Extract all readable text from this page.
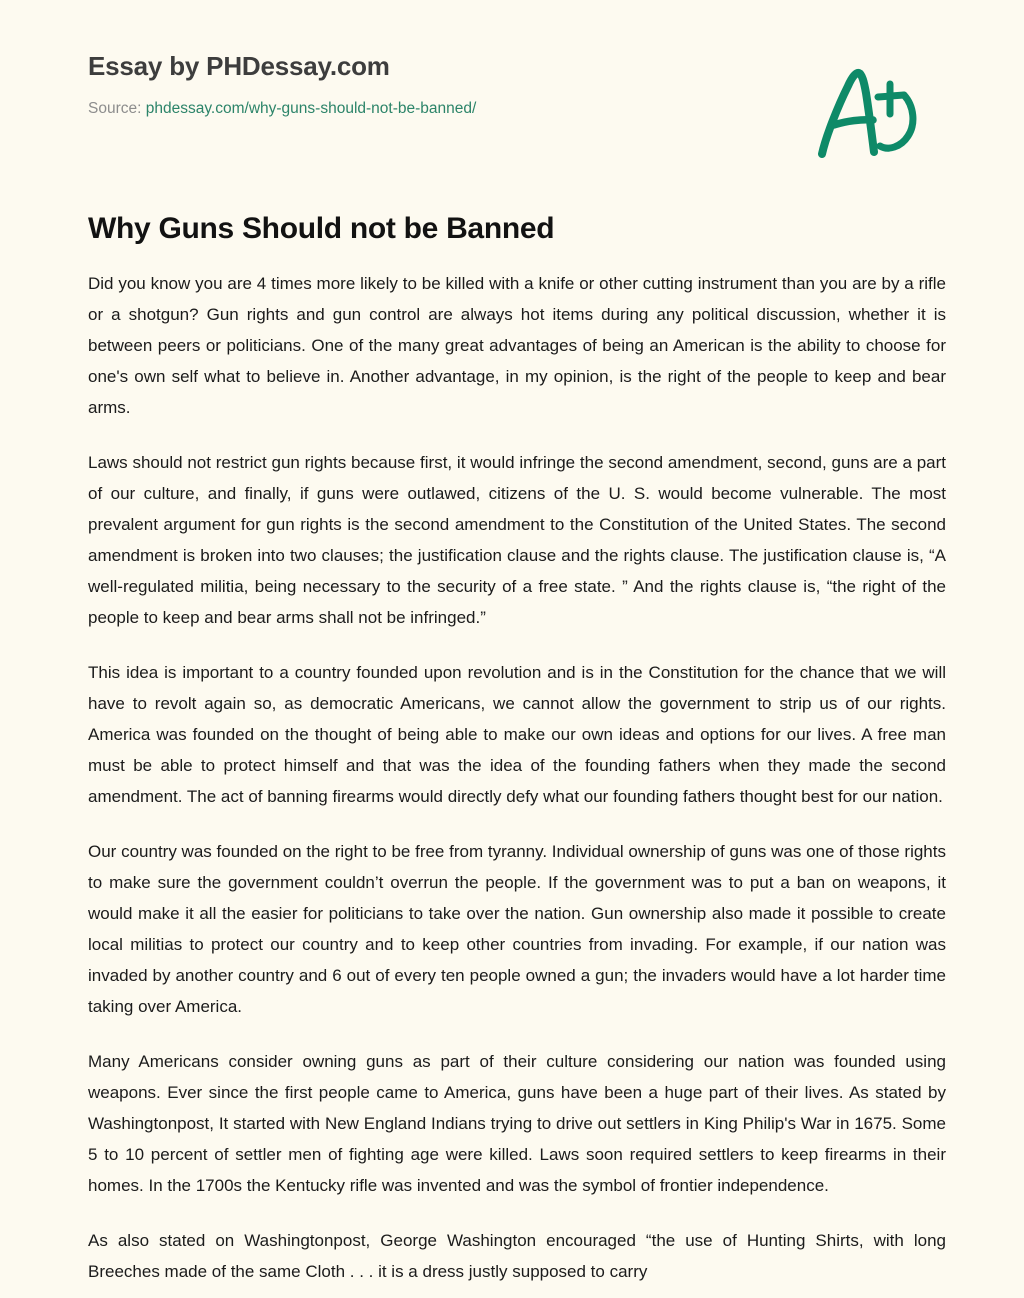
Essay by PHDessay.com
Source: phdessay.com/why-guns-should-not-be-banned/
Why Guns Should not be Banned

Did you know you are 4 times more likely to be killed with a knife or other cutting instrument than you are by a rifle or a shotgun? Gun rights and gun control are always hot items during any political discussion, whether it is between peers or politicians. One of the many great advantages of being an American is the ability to choose for one's own self what to believe in. Another advantage, in my opinion, is the right of the people to keep and bear arms.

Laws should not restrict gun rights because first, it would infringe the second amendment, second, guns are a part of our culture, and finally, if guns were outlawed, citizens of the U. S. would become vulnerable. The most prevalent argument for gun rights is the second amendment to the Constitution of the United States. The second amendment is broken into two clauses; the justification clause and the rights clause. The justification clause is, “A well-regulated militia, being necessary to the security of a free state. ” And the rights clause is, “the right of the people to keep and bear arms shall not be infringed.”

This idea is important to a country founded upon revolution and is in the Constitution for the chance that we will have to revolt again so, as democratic Americans, we cannot allow the government to strip us of our rights. America was founded on the thought of being able to make our own ideas and options for our lives. A free man must be able to protect himself and that was the idea of the founding fathers when they made the second amendment. The act of banning firearms would directly defy what our founding fathers thought best for our nation.

Our country was founded on the right to be free from tyranny. Individual ownership of guns was one of those rights to make sure the government couldn’t overrun the people. If the government was to put a ban on weapons, it would make it all the easier for politicians to take over the nation. Gun ownership also made it possible to create local militias to protect our country and to keep other countries from invading. For example, if our nation was invaded by another country and 6 out of every ten people owned a gun; the invaders would have a lot harder time taking over America.

Many Americans consider owning guns as part of their culture considering our nation was founded using weapons. Ever since the first people came to America, guns have been a huge part of their lives. As stated by Washingtonpost, It started with New England Indians trying to drive out settlers in King Philip's War in 1675. Some 5 to 10 percent of settler men of fighting age were killed. Laws soon required settlers to keep firearms in their homes. In the 1700s the Kentucky rifle was invented and was the symbol of frontier independence.

As also stated on Washingtonpost, George Washington encouraged “the use of Hunting Shirts, with long Breeches made of the same Cloth . . . it is a dress justly supposed to carry
